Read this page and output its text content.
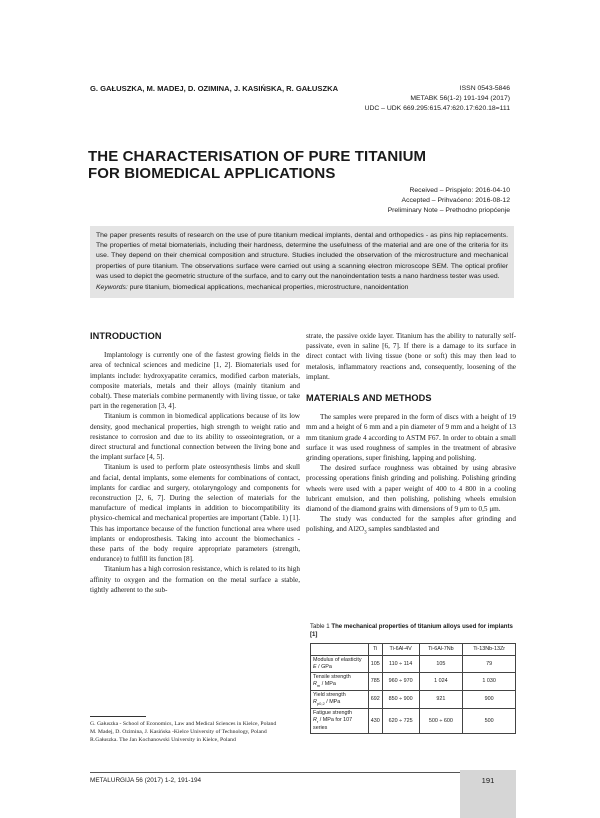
G. GAŁUSZKA, M. MADEJ, D. OZIMINA, J. KASIŃSKA, R. GAŁUSZKA	ISSN 0543-5846
METABK 56(1-2) 191-194 (2017)
UDC – UDK 669.295:615.47:620.17:620.18=111
THE CHARACTERISATION OF PURE TITANIUM
FOR BIOMEDICAL APPLICATIONS
Received – Prispjelo: 2016-04-10
Accepted – Prihvaćeno: 2016-08-12
Preliminary Note – Prethodno priopćenje
The paper presents results of research on the use of pure titanium medical implants, dental and orthopedics - as pins hip replacements. The properties of metal biomaterials, including their hardness, determine the usefulness of the material and are one of the criteria for its use. They depend on their chemical composition and structure. Studies included the observation of the microstructure and mechanical properties of pure titanium. The observations surface were carried out using a scanning electron microscope SEM. The optical profiler was used to depict the geometric structure of the surface, and to carry out the nanoindentation tests a nano hardness tester was used.
Keywords: pure titanium, biomedical applications, mechanical properties, microstructure, nanoidentation
INTRODUCTION

Implantology is currently one of the fastest growing fields in the area of technical sciences and medicine [1, 2]. Biomaterials used for implants include: hydroxyapatite ceramics, modified carbon materials, composite materials, metals and their alloys (mainly titanium and cobalt). These materials combine permanently with living tissue, or take part in the regeneration [3, 4].

Titanium is common in biomedical applications because of its low density, good mechanical properties, high strength to weight ratio and resistance to corrosion and due to its ability to osseointegration, or a direct structural and functional connection between the living bone and the implant surface [4, 5].

Titanium is used to perform plate osteosynthesis limbs and skull and facial, dental implants, some elements for combinations of contact, implants for cardiac and surgery, otolaryngology and components for reconstruction [2, 6, 7]. During the selection of materials for the manufacture of medical implants in addition to biocompatibility its physico-chemical and mechanical properties are important (Table. 1) [1]. This has importance because of the function functional area where used implants or endoprosthesis. Taking into account the biomechanics - these parts of the body require appropriate parameters (strength, endurance) to fulfill its function [8].

Titanium has a high corrosion resistance, which is related to its high affinity to oxygen and the formation on the metal surface a stable, tightly adherent to the sub-

strate, the passive oxide layer. Titanium has the ability to naturally self-passivate, even in saline [6, 7]. If there is a damage to its surface in direct contact with living tissue (bone or soft) this may then lead to metalosis, inflammatory reactions and, consequently, loosening of the implant.

MATERIALS AND METHODS

The samples were prepared in the form of discs with a height of 19 mm and a height of 6 mm and a pin diameter of 9 mm and a height of 13 mm titanium grade 4 according to ASTM F67. In order to obtain a small surface it was used roughness of samples in the treatment of abrasive grinding operations, super finishing, lapping and polishing.

The desired surface roughness was obtained by using abrasive processing operations finish grinding and polishing. Polishing grinding wheels were used with a paper weight of 400 to 4 800 in a cooling lubricant emulsion, and then polishing, polishing wheels emulsion diamond of the diamond grains with dimensions of 9 μm to 0,5 μm.

The study was conducted for the samples after grinding and polishing, and $Al2O_3$ samples sandblasted and

Table 1 The mechanical properties of titanium alloys used for implants [1]
	Ti	Ti-6Al-4V	Ti-6Al-7Nb	Ti-13Nb-13Zr
Modulus of elasticity
E / GPa	105	110 ÷ 114	105	79
Tensile strength
$R_m$ / MPa	785	960 ÷ 970	1 024	1 030
Yield strength
$R_{p0,2}$ / MPa	692	850 ÷ 900	921	900
Fatigue strength
$R_r$ / MPa for 107 series	430	620 ÷ 725	500 ÷ 600	500
G. Gałuszka - School of Economics, Law and Medical Sciences in Kielce, Poland
M. Madej, D. Ozimina, J. Kasińska -Kielce University of Technology, Poland
R.Gałuszka. The Jan Kochanowski University in Kielce, Poland
METALURGIJA 56 (2017) 1-2, 191-194	191
